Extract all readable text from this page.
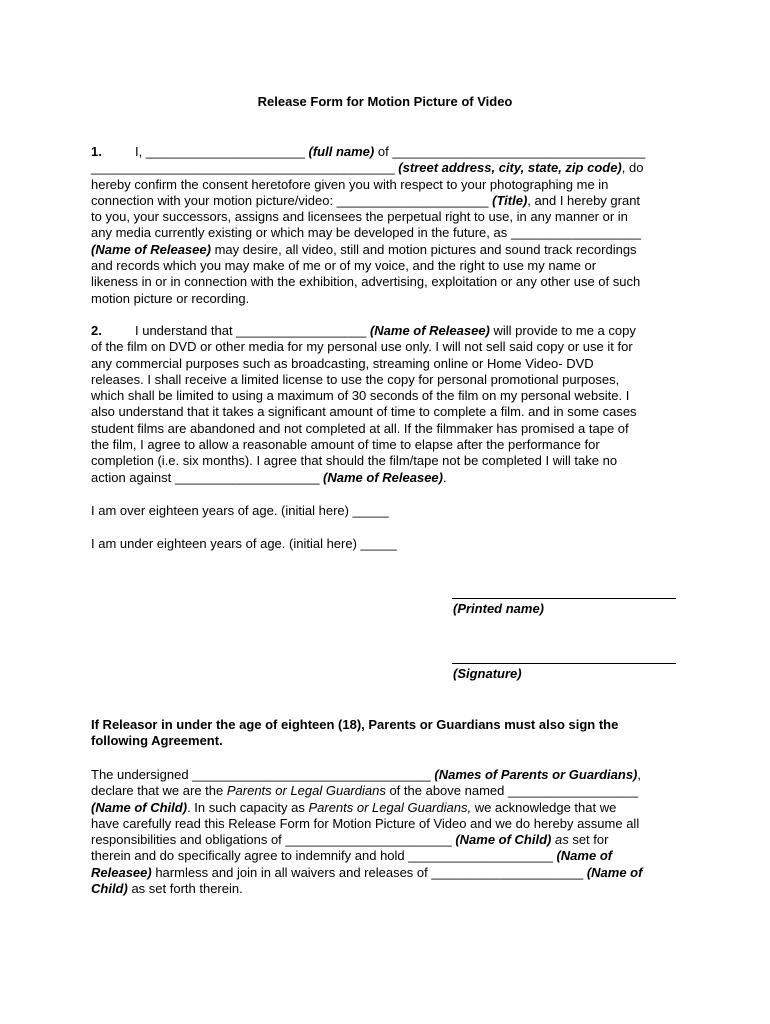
Release Form for Motion Picture of Video
1.	I, ______________________ (full name) of ___________________________________
__________________________________________ (street address, city, state, zip code), do
hereby confirm the consent heretofore given you with respect to your photographing me in
connection with your motion picture/video: _____________________ (Title), and I hereby grant
to you, your successors, assigns and licensees the perpetual right to use, in any manner or in
any media currently existing or which may be developed in the future, as __________________
(Name of Releasee) may desire, all video, still and motion pictures and sound track recordings
and records which you may make of me or of my voice, and the right to use my name or
likeness in or in connection with the exhibition, advertising, exploitation or any other use of such
motion picture or recording.
2.	I understand that __________________ (Name of Releasee) will provide to me a copy
of the film on DVD or other media for my personal use only. I will not sell said copy or use it for
any commercial purposes such as broadcasting, streaming online or Home Video- DVD
releases. I shall receive a limited license to use the copy for personal promotional purposes,
which shall be limited to using a maximum of 30 seconds of the film on my personal website. I
also understand that it takes a significant amount of time to complete a film. and in some cases
student films are abandoned and not completed at all. If the filmmaker has promised a tape of
the film, I agree to allow a reasonable amount of time to elapse after the performance for
completion (i.e. six months). I agree that should the film/tape not be completed I will take no
action against ____________________ (Name of Releasee).
I am over eighteen years of age. (initial here) _____
I am under eighteen years of age. (initial here) _____
(Printed name)
(Signature)
If Releasor in under the age of eighteen (18), Parents or Guardians must also sign the
following Agreement.
The undersigned _________________________________ (Names of Parents or Guardians),
declare that we are the Parents or Legal Guardians of the above named __________________
(Name of Child). In such capacity as Parents or Legal Guardians, we acknowledge that we
have carefully read this Release Form for Motion Picture of Video and we do hereby assume all
responsibilities and obligations of _______________________ (Name of Child) as set for
therein and do specifically agree to indemnify and hold ____________________ (Name of
Releasee) harmless and join in all waivers and releases of _____________________ (Name of
Child) as set forth therein.
